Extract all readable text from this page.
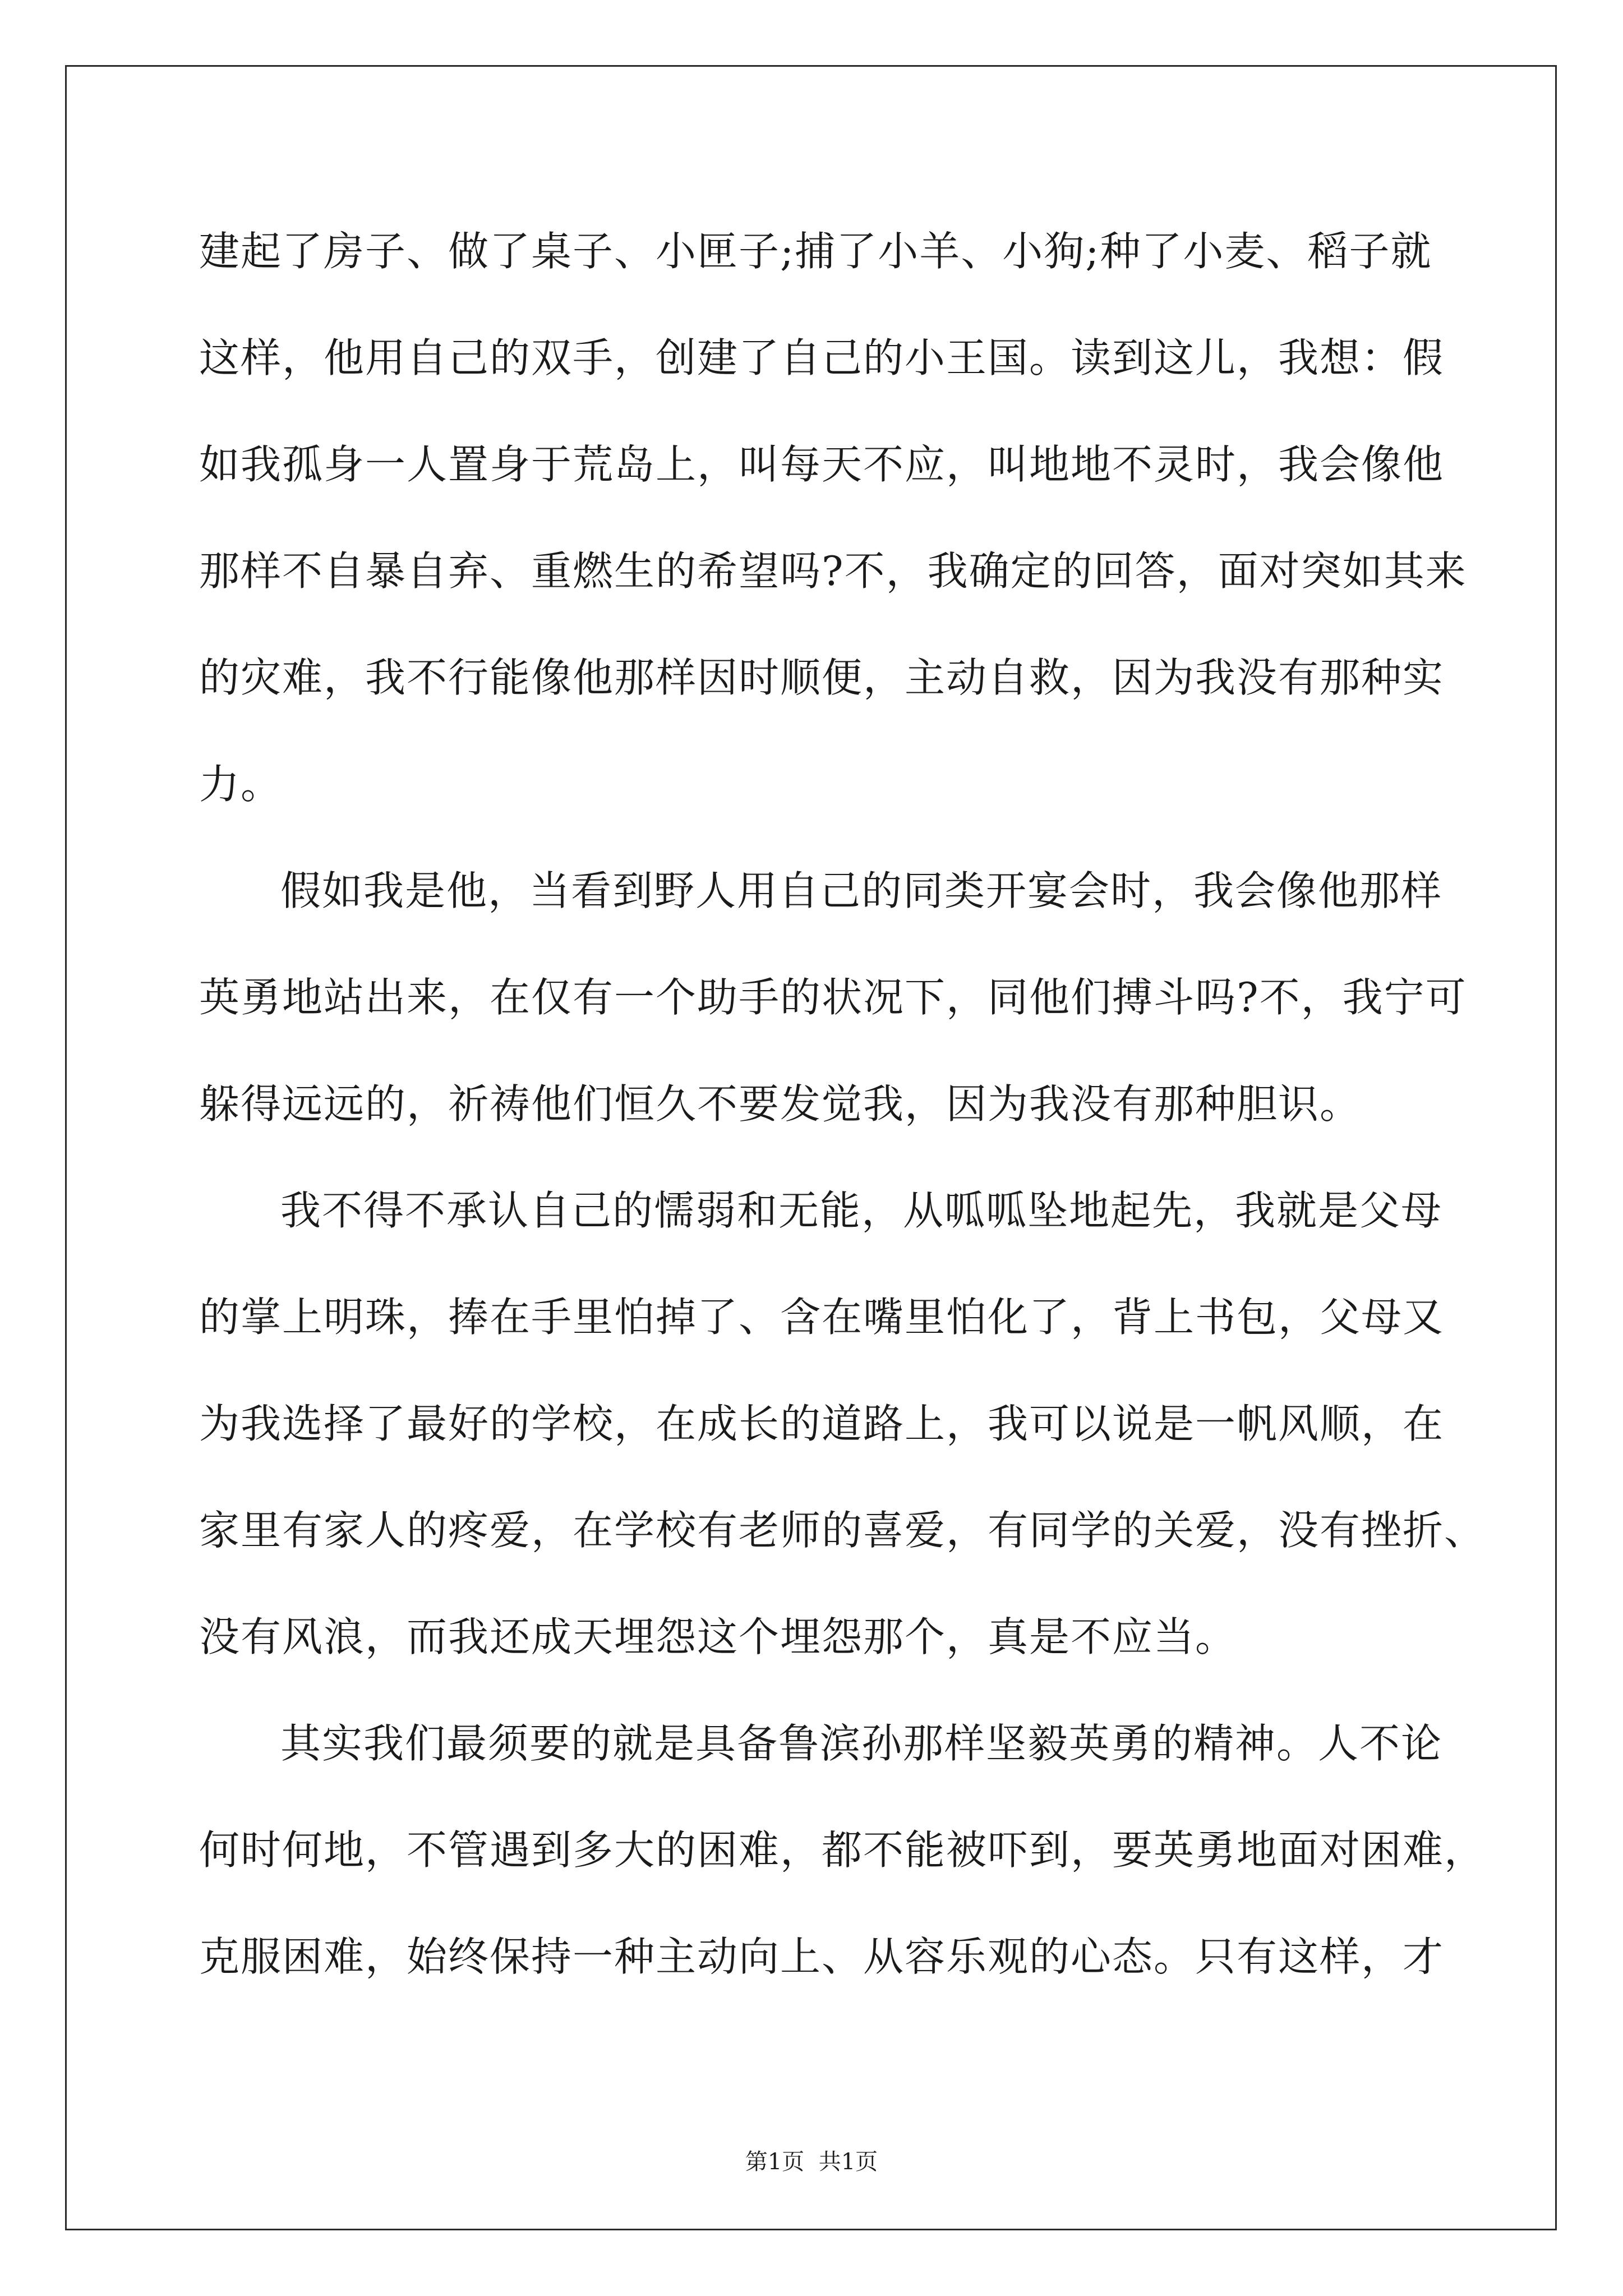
建起了房子、做了桌子、小匣子;捕了小羊、小狗;种了小麦、稻子就
这样，他用自己的双手，创建了自己的小王国。读到这儿，我想：假
如我孤身一人置身于荒岛上，叫每天不应，叫地地不灵时，我会像他
那样不自暴自弃、重燃生的希望吗?不，我确定的回答，面对突如其来
的灾难，我不行能像他那样因时顺便，主动自救，因为我没有那种实
力。
假如我是他，当看到野人用自己的同类开宴会时，我会像他那样
英勇地站出来，在仅有一个助手的状况下，同他们搏斗吗?不，我宁可
躲得远远的，祈祷他们恒久不要发觉我，因为我没有那种胆识。
我不得不承认自己的懦弱和无能，从呱呱坠地起先，我就是父母
的掌上明珠，捧在手里怕掉了、含在嘴里怕化了，背上书包，父母又
为我选择了最好的学校，在成长的道路上，我可以说是一帆风顺，在
家里有家人的疼爱，在学校有老师的喜爱，有同学的关爱，没有挫折、
没有风浪，而我还成天埋怨这个埋怨那个，真是不应当。
其实我们最须要的就是具备鲁滨孙那样坚毅英勇的精神。人不论
何时何地，不管遇到多大的困难，都不能被吓到，要英勇地面对困难，
克服困难，始终保持一种主动向上、从容乐观的心态。只有这样，才
第1页  共1页
